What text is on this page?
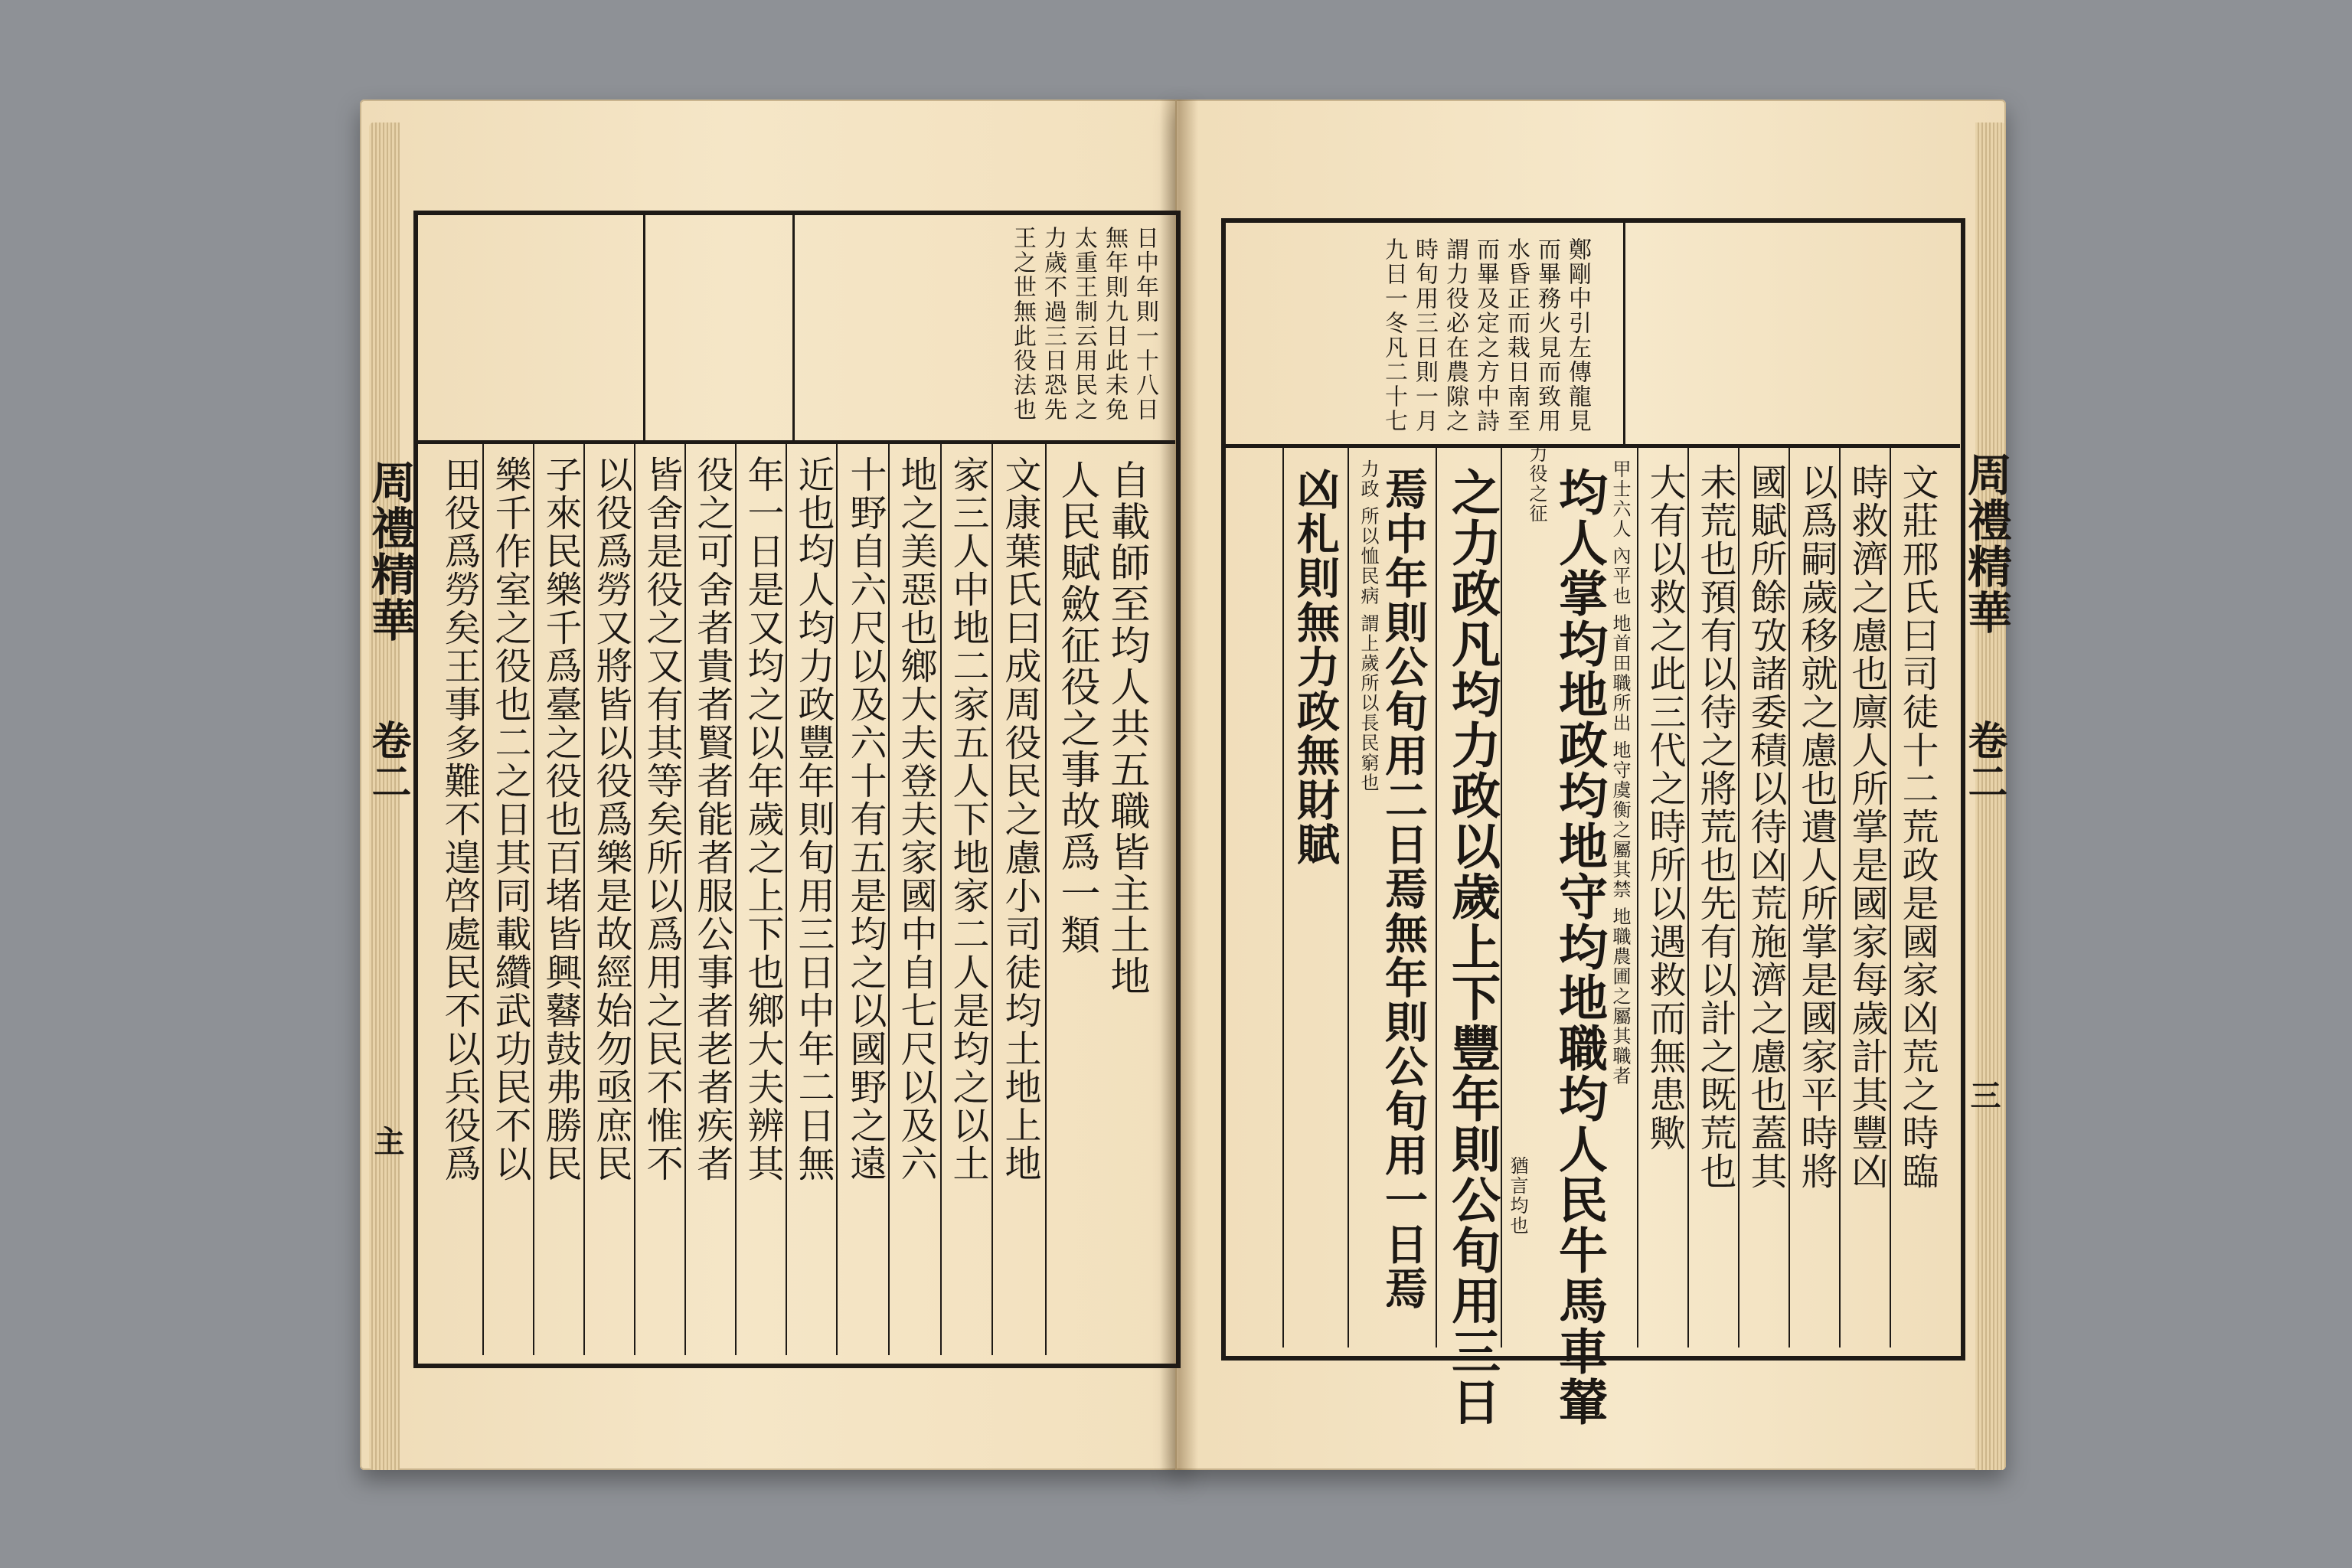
日中年則一十八日
無年則九日此未免
太重王制云用民之
力歲不過三日恐先
王之世無此役法也
自載師至均人共五職皆主土地
人民賦斂征役之事故爲一類
文康葉氏曰成周役民之慮小司徒均土地上地
家三人中地二家五人下地家二人是均之以土
地之美惡也鄉大夫登夫家國中自七尺以及六
十野自六尺以及六十有五是均之以國野之遠
近也均人均力政豐年則旬用三日中年二日無
年一日是又均之以年歲之上下也鄉大夫辨其
役之可舍者貴者賢者能者服公事者老者疾者
皆舍是役之又有其等矣所以爲用之民不惟不
以役爲勞又將皆以役爲樂是故經始勿亟庶民
子來民樂千爲臺之役也百堵皆興鼛鼓弗勝民
樂千作室之役也二之日其同載纘武功民不以
田役爲勞矣王事多難不遑啓處民不以兵役爲
周禮精華
卷二
主
鄭剛中引左傳龍見
而畢務火見而致用
水昏正而栽日南至
而畢及定之方中詩
謂力役必在農隙之
時旬用三日則一月
九日一冬凡二十七
文莊邢氏曰司徒十二荒政是國家凶荒之時臨
時救濟之慮也廪人所掌是國家每歲計其豐凶
以爲嗣歲移就之慮也遺人所掌是國家平時將
國賦所餘攷諸委積以待凶荒施濟之慮也蓋其
未荒也預有以待之將荒也先有以計之既荒也
大有以救之此三代之時所以遇救而無患歟
甲士六人 內平也 地首田職所出 地守虞衡之屬其禁 地職農圃之屬其職者
均人掌均地政均地守均地職均人民牛馬車輦
力役之征
猶言均也
之力政凡均力政以歲上下豐年則公旬用三日
焉中年則公旬用二日焉無年則公旬用一日焉
力政 所以恤民病 謂上歲所以長民窮也
凶札則無力政無財賦	周禮精華
卷二
三
